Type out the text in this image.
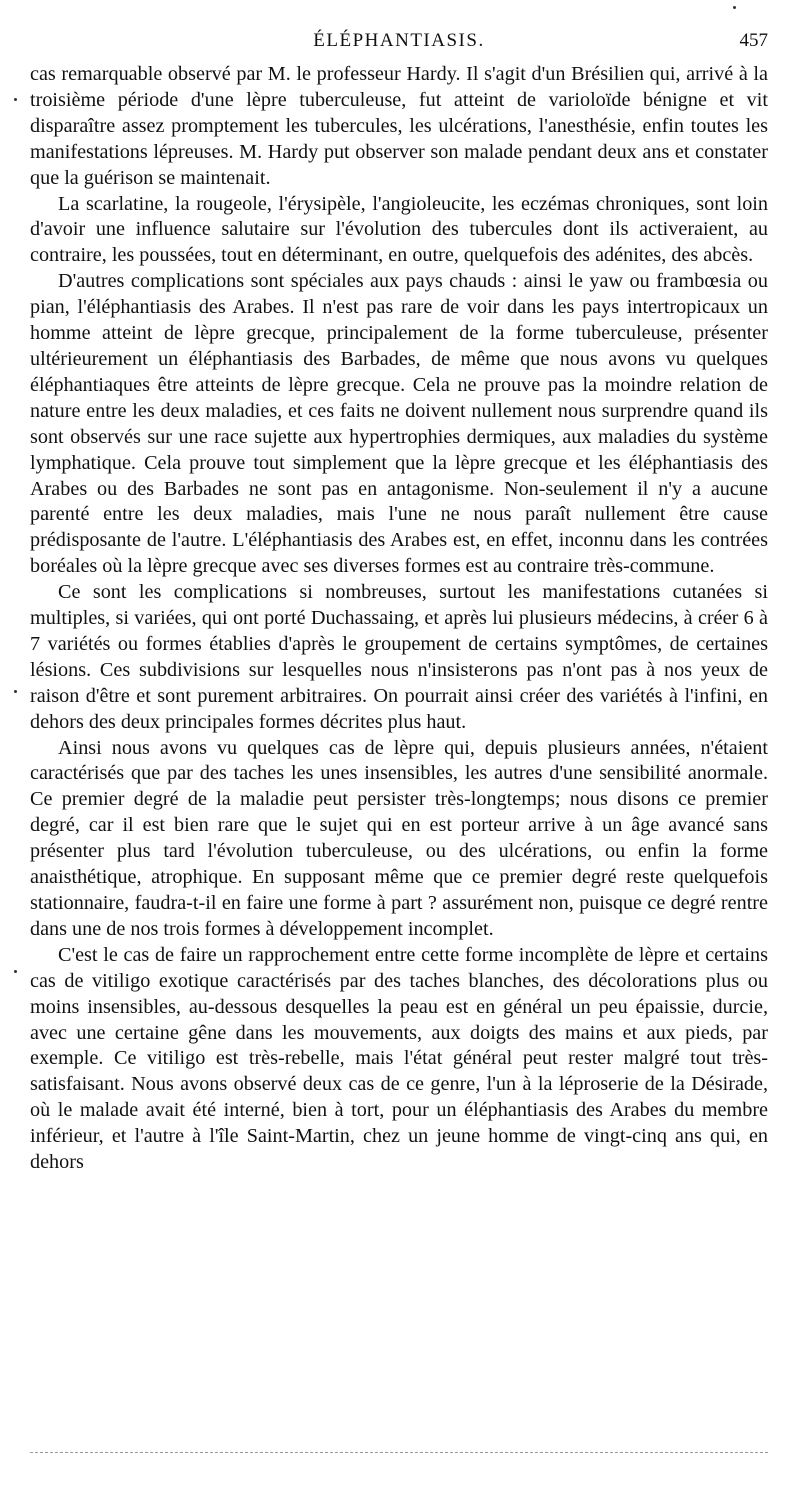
ÉLÉPHANTIASIS.	457

cas remarquable observé par M. le professeur Hardy. Il s'agit d'un Brésilien qui, arrivé à la troisième période d'une lèpre tuberculeuse, fut atteint de varioloïde bénigne et vit disparaître assez promptement les tubercules, les ulcérations, l'anesthésie, enfin toutes les manifestations lépreuses. M. Hardy put observer son malade pendant deux ans et constater que la guérison se maintenait.

La scarlatine, la rougeole, l'érysipèle, l'angioleucite, les eczémas chroniques, sont loin d'avoir une influence salutaire sur l'évolution des tubercules dont ils activeraient, au contraire, les poussées, tout en déterminant, en outre, quelquefois des adénites, des abcès.

D'autres complications sont spéciales aux pays chauds : ainsi le yaw ou frambœsia ou pian, l'éléphantiasis des Arabes. Il n'est pas rare de voir dans les pays intertropicaux un homme atteint de lèpre grecque, principalement de la forme tuberculeuse, présenter ultérieurement un éléphantiasis des Barbades, de même que nous avons vu quelques éléphantiaques être atteints de lèpre grecque. Cela ne prouve pas la moindre relation de nature entre les deux maladies, et ces faits ne doivent nullement nous surprendre quand ils sont observés sur une race sujette aux hypertrophies dermiques, aux maladies du système lymphatique. Cela prouve tout simplement que la lèpre grecque et les éléphantiasis des Arabes ou des Barbades ne sont pas en antagonisme. Non-seulement il n'y a aucune parenté entre les deux maladies, mais l'une ne nous paraît nullement être cause prédisposante de l'autre. L'éléphantiasis des Arabes est, en effet, inconnu dans les contrées boréales où la lèpre grecque avec ses diverses formes est au contraire très-commune.

Ce sont les complications si nombreuses, surtout les manifestations cutanées si multiples, si variées, qui ont porté Duchassaing, et après lui plusieurs médecins, à créer 6 à 7 variétés ou formes établies d'après le groupement de certains symptômes, de certaines lésions. Ces subdivisions sur lesquelles nous n'insisterons pas n'ont pas à nos yeux de raison d'être et sont purement arbitraires. On pourrait ainsi créer des variétés à l'infini, en dehors des deux principales formes décrites plus haut.

Ainsi nous avons vu quelques cas de lèpre qui, depuis plusieurs années, n'étaient caractérisés que par des taches les unes insensibles, les autres d'une sensibilité anormale. Ce premier degré de la maladie peut persister très-longtemps; nous disons ce premier degré, car il est bien rare que le sujet qui en est porteur arrive à un âge avancé sans présenter plus tard l'évolution tuberculeuse, ou des ulcérations, ou enfin la forme anaisthétique, atrophique. En supposant même que ce premier degré reste quelquefois stationnaire, faudra-t-il en faire une forme à part ? assurément non, puisque ce degré rentre dans une de nos trois formes à développement incomplet.

C'est le cas de faire un rapprochement entre cette forme incomplète de lèpre et certains cas de vitiligo exotique caractérisés par des taches blanches, des décolorations plus ou moins insensibles, au-dessous desquelles la peau est en général un peu épaissie, durcie, avec une certaine gêne dans les mouvements, aux doigts des mains et aux pieds, par exemple. Ce vitiligo est très-rebelle, mais l'état général peut rester malgré tout très-satisfaisant. Nous avons observé deux cas de ce genre, l'un à la léproserie de la Désirade, où le malade avait été interné, bien à tort, pour un éléphantiasis des Arabes du membre inférieur, et l'autre à l'île Saint-Martin, chez un jeune homme de vingt-cinq ans qui, en dehors
